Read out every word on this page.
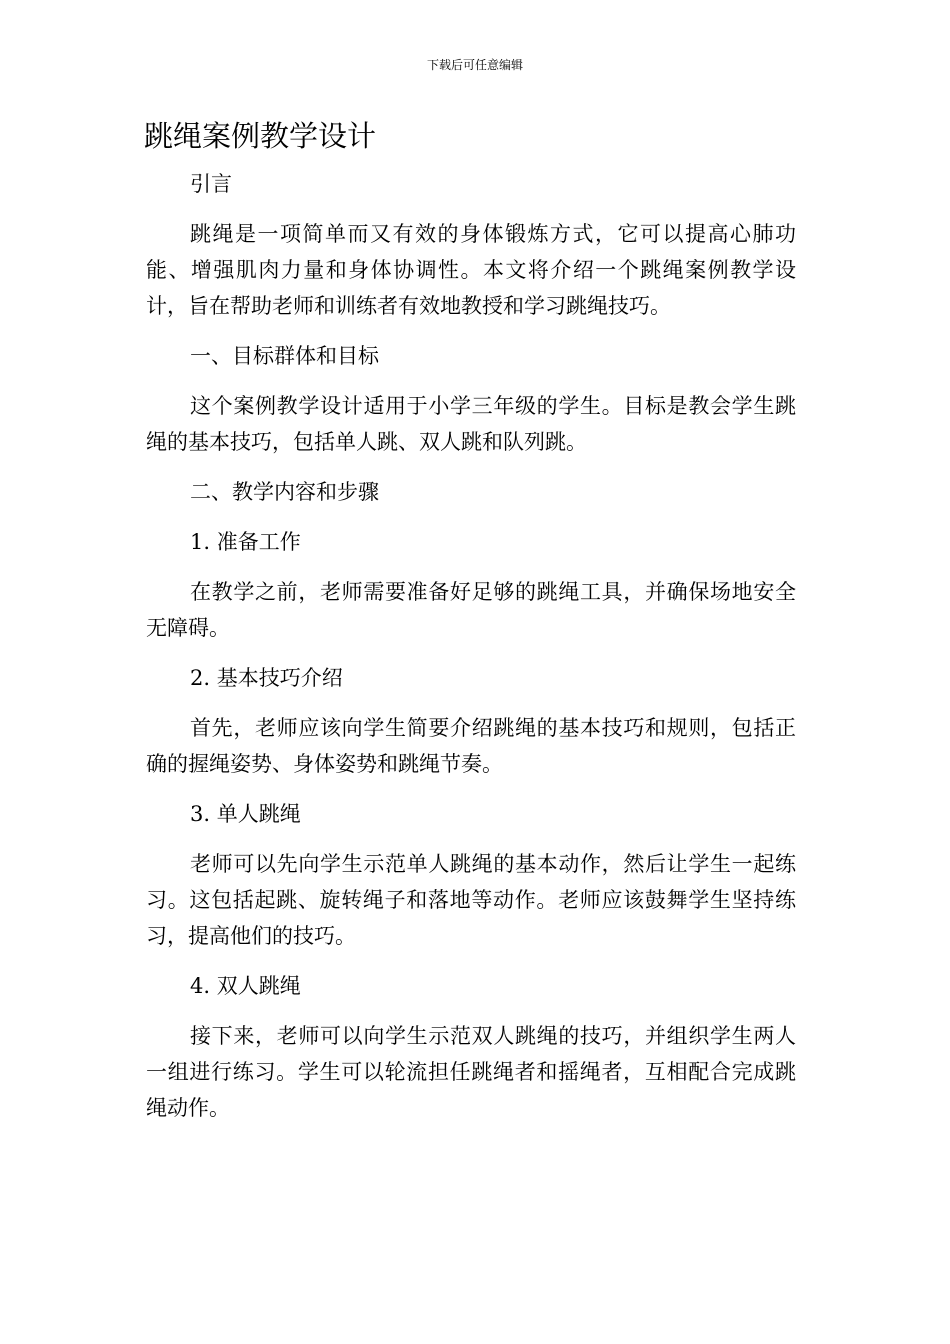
下载后可任意编辑
跳绳案例教学设计

引言

跳绳是一项简单而又有效的身体锻炼方式，它可以提高心肺功能、增强肌肉力量和身体协调性。本文将介绍一个跳绳案例教学设计，旨在帮助老师和训练者有效地教授和学习跳绳技巧。

一、目标群体和目标

这个案例教学设计适用于小学三年级的学生。目标是教会学生跳绳的基本技巧，包括单人跳、双人跳和队列跳。

二、教学内容和步骤

1. 准备工作

在教学之前，老师需要准备好足够的跳绳工具，并确保场地安全无障碍。

2. 基本技巧介绍

首先，老师应该向学生简要介绍跳绳的基本技巧和规则，包括正确的握绳姿势、身体姿势和跳绳节奏。

3. 单人跳绳

老师可以先向学生示范单人跳绳的基本动作，然后让学生一起练习。这包括起跳、旋转绳子和落地等动作。老师应该鼓舞学生坚持练习，提高他们的技巧。

4. 双人跳绳

接下来，老师可以向学生示范双人跳绳的技巧，并组织学生两人一组进行练习。学生可以轮流担任跳绳者和摇绳者，互相配合完成跳绳动作。
